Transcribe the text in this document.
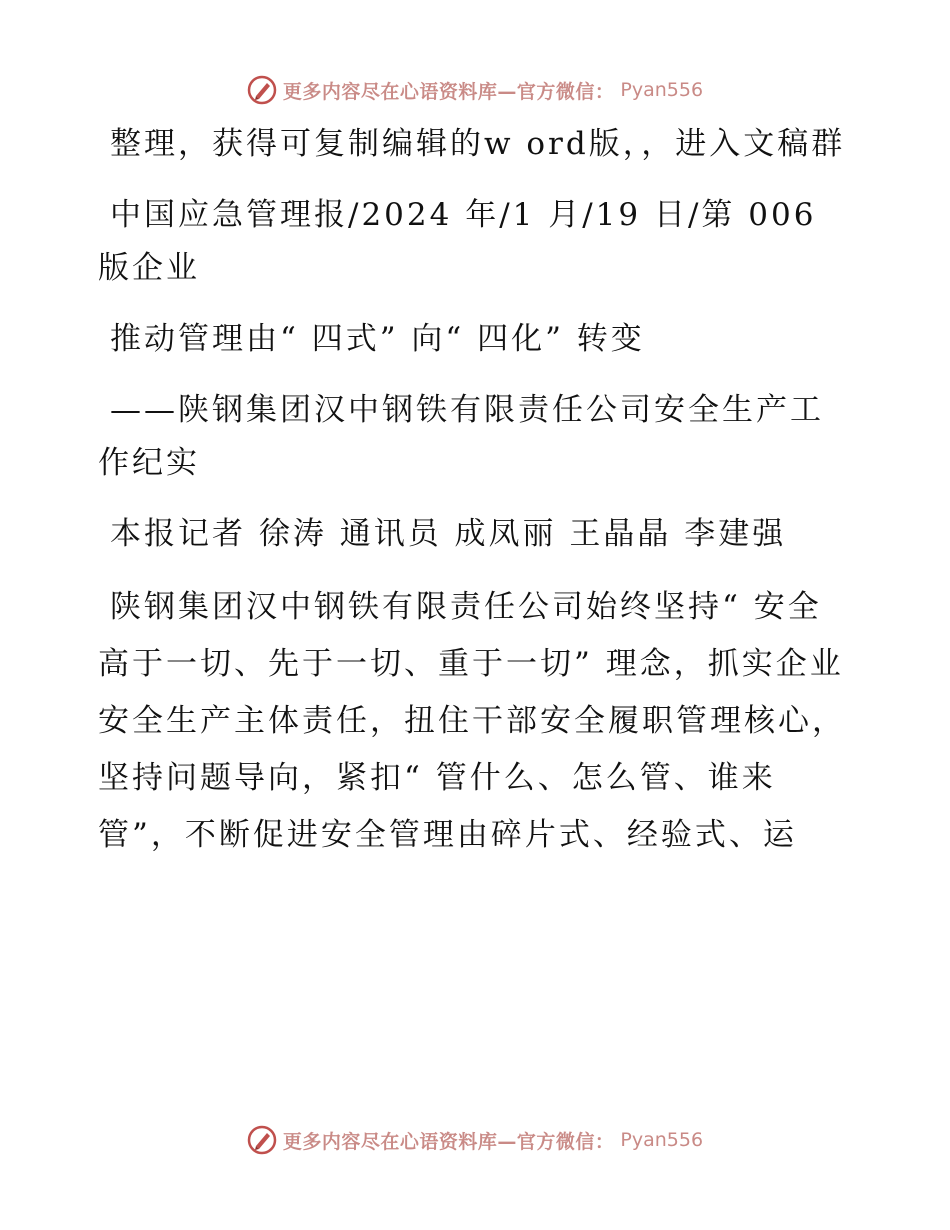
更多内容尽在心语资料库—官方微信： Pyan556

整理，获得可复制编辑的w ord版，，进入文稿群

中国应急管理报/2024 年/1 月/19 日/第 006 版企业

推动管理由“ 四式” 向“ 四化” 转变

——陕钢集团汉中钢铁有限责任公司安全生产工作纪实

本报记者 徐涛 通讯员 成凤丽 王晶晶 李建强

陕钢集团汉中钢铁有限责任公司始终坚持“ 安全高于一切、先于一切、重于一切” 理念，抓实企业安全生产主体责任，扭住干部安全履职管理核心，坚持问题导向，紧扣“ 管什么、怎么管、谁来管”，不断促进安全管理由碎片式、经验式、运

更多内容尽在心语资料库—官方微信： Pyan556
